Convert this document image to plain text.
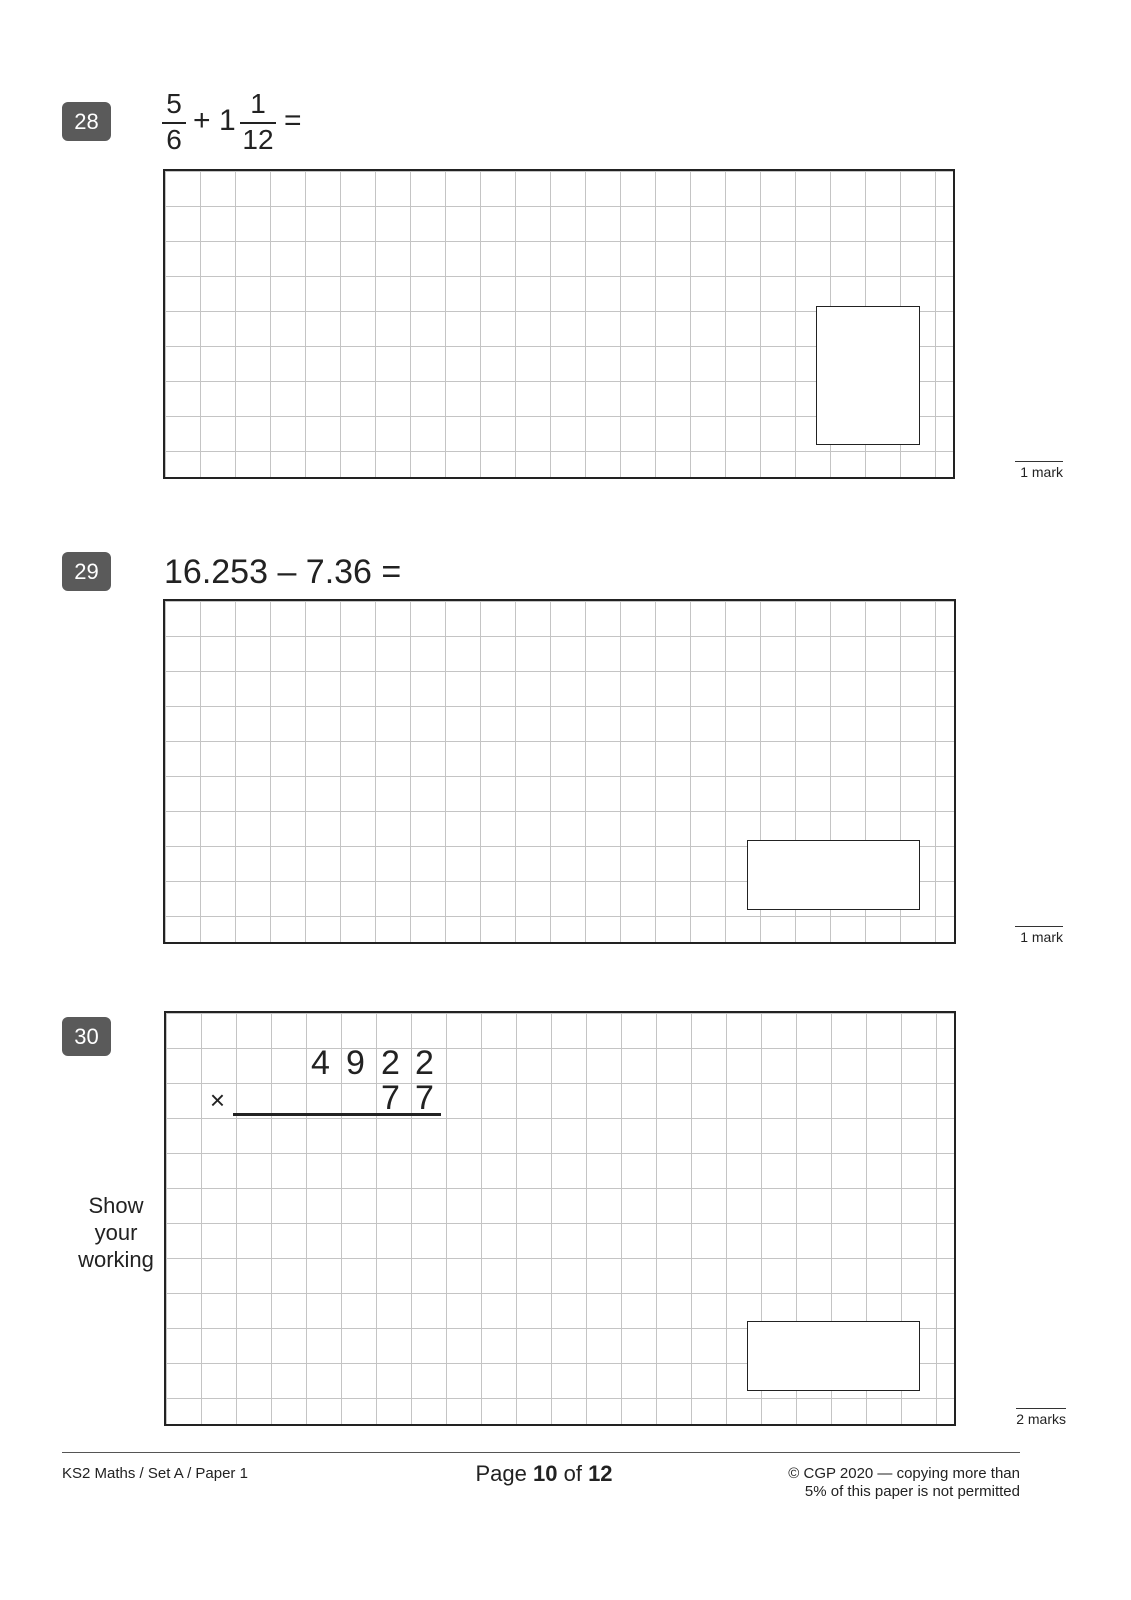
28
5
6
+ 1
1
12
=
1 mark
29	16.253 – 7.36 =
1 mark
30
Show
your
working
4 9 2 2
7 7
×
2 marks
KS2 Maths / Set A / Paper 1	Page 10 of 12	© CGP 2020 — copying more than
5% of this paper is not permitted
